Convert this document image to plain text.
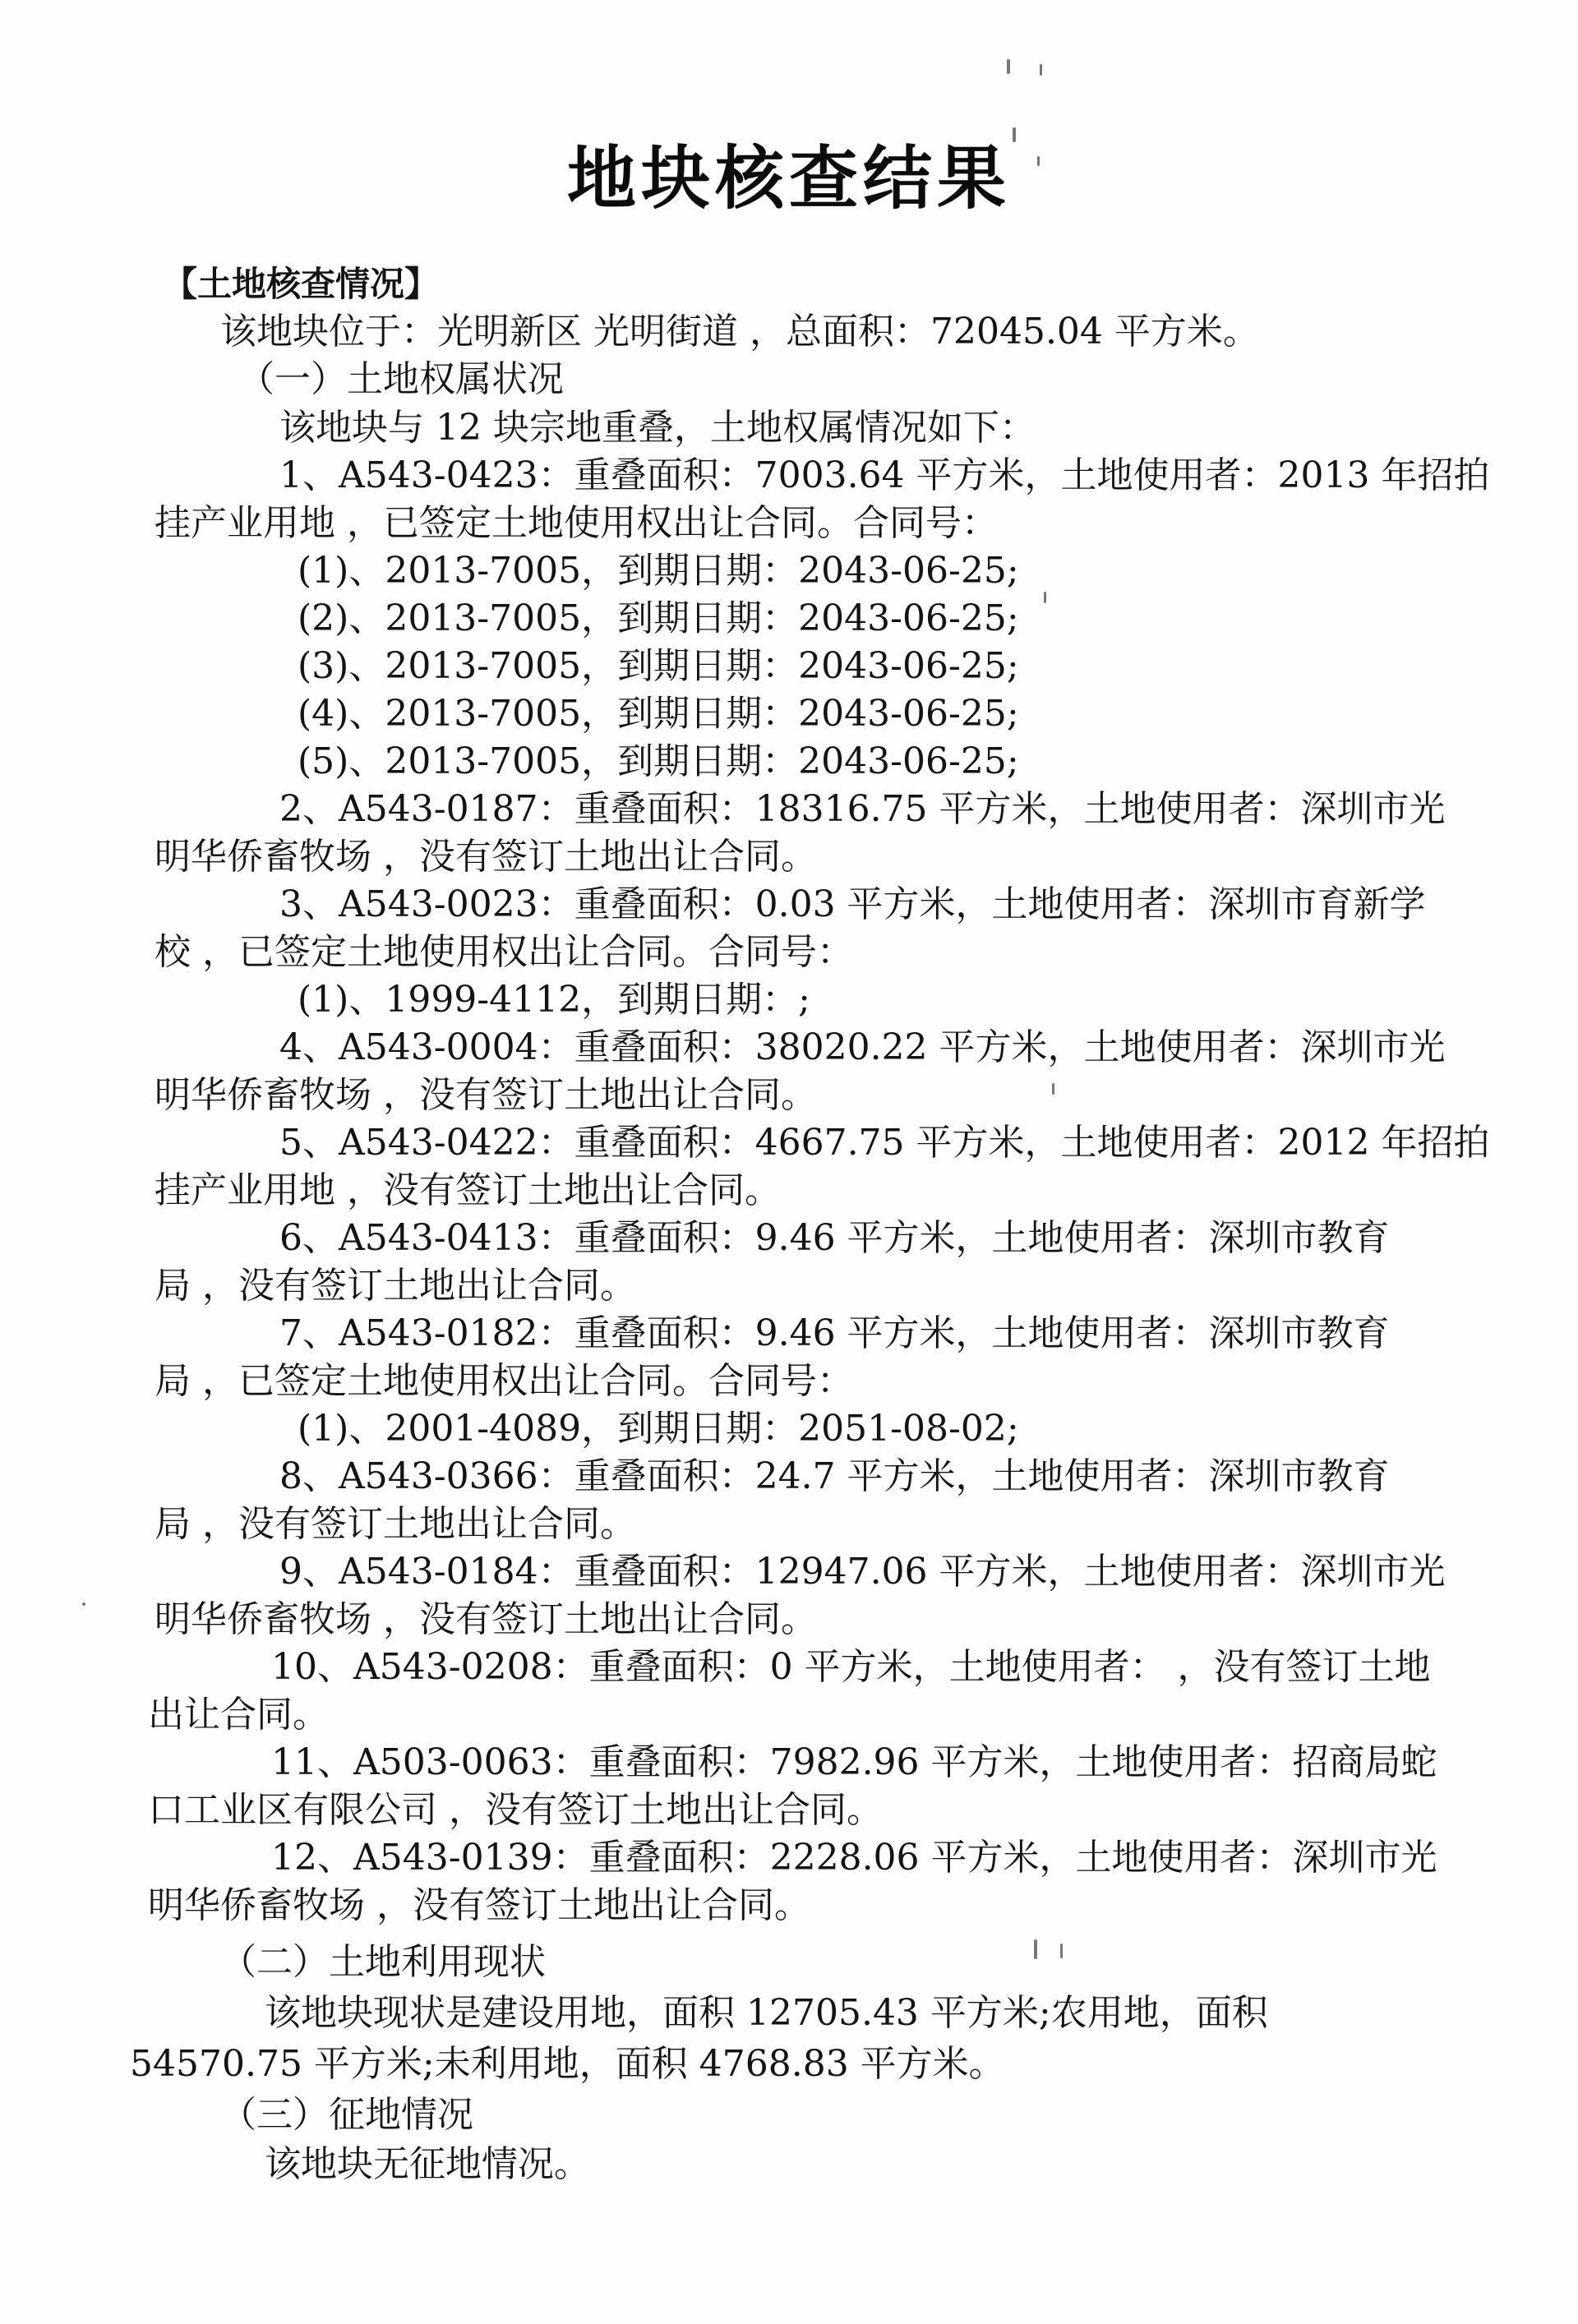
地块核查结果
【土地核查情况】
该地块位于：光明新区 光明街道 ，总面积：72045.04 平方米。
（一）土地权属状况
该地块与 12 块宗地重叠，土地权属情况如下：
1、A543-0423：重叠面积：7003.64 平方米，土地使用者：2013 年招拍
挂产业用地 ，已签定土地使用权出让合同。合同号：
(1)、2013-7005，到期日期：2043-06-25;
(2)、2013-7005，到期日期：2043-06-25;
(3)、2013-7005，到期日期：2043-06-25;
(4)、2013-7005，到期日期：2043-06-25;
(5)、2013-7005，到期日期：2043-06-25;
2、A543-0187：重叠面积：18316.75 平方米，土地使用者：深圳市光
明华侨畜牧场 ，没有签订土地出让合同。
3、A543-0023：重叠面积：0.03 平方米，土地使用者：深圳市育新学
校 ，已签定土地使用权出让合同。合同号：
(1)、1999-4112，到期日期：;
4、A543-0004：重叠面积：38020.22 平方米，土地使用者：深圳市光
明华侨畜牧场 ，没有签订土地出让合同。
5、A543-0422：重叠面积：4667.75 平方米，土地使用者：2012 年招拍
挂产业用地 ，没有签订土地出让合同。
6、A543-0413：重叠面积：9.46 平方米，土地使用者：深圳市教育
局 ，没有签订土地出让合同。
7、A543-0182：重叠面积：9.46 平方米，土地使用者：深圳市教育
局 ，已签定土地使用权出让合同。合同号：
(1)、2001-4089，到期日期：2051-08-02;
8、A543-0366：重叠面积：24.7 平方米，土地使用者：深圳市教育
局 ，没有签订土地出让合同。
9、A543-0184：重叠面积：12947.06 平方米，土地使用者：深圳市光
明华侨畜牧场 ，没有签订土地出让合同。
10、A543-0208：重叠面积：0 平方米，土地使用者： ，没有签订土地
出让合同。
11、A503-0063：重叠面积：7982.96 平方米，土地使用者：招商局蛇
口工业区有限公司 ，没有签订土地出让合同。
12、A543-0139：重叠面积：2228.06 平方米，土地使用者：深圳市光
明华侨畜牧场 ，没有签订土地出让合同。
（二）土地利用现状
该地块现状是建设用地，面积 12705.43 平方米;农用地，面积
54570.75 平方米;未利用地，面积 4768.83 平方米。
（三）征地情况
该地块无征地情况。
